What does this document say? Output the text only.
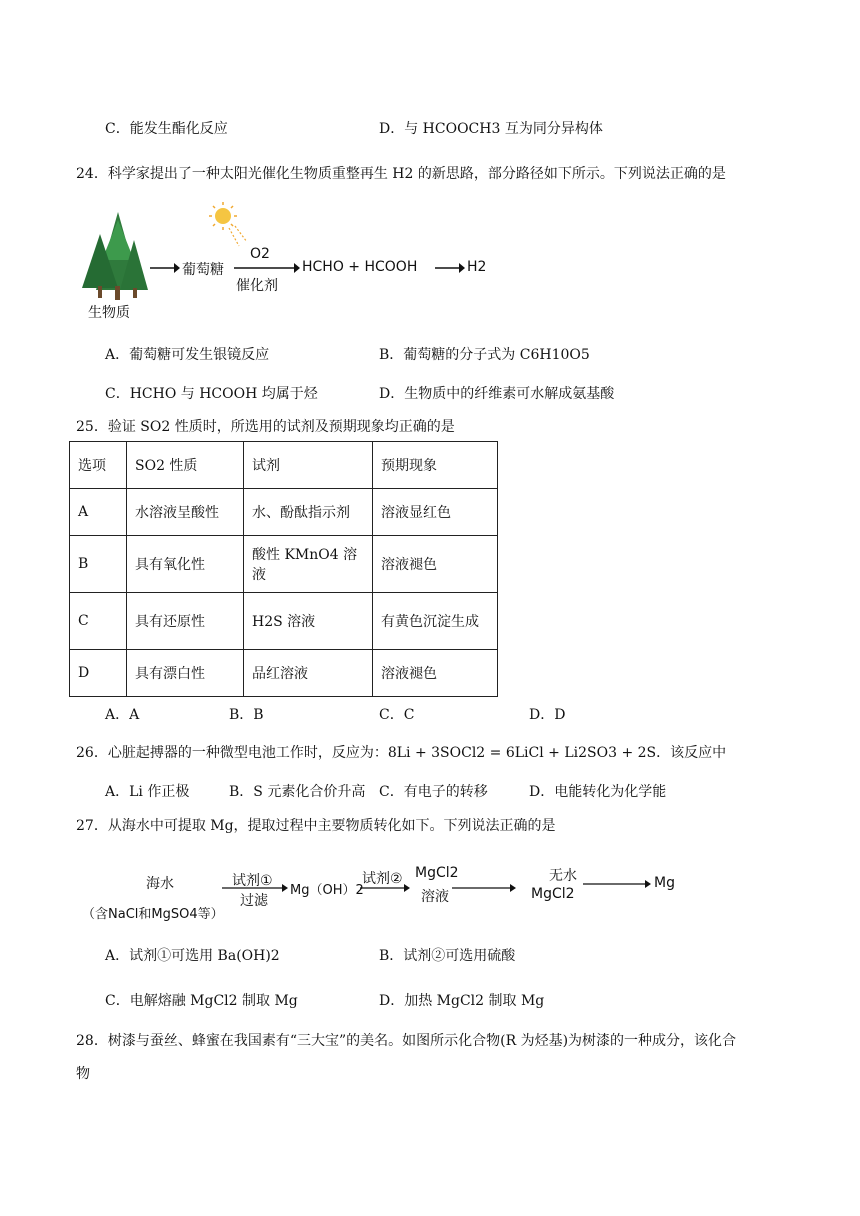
C．能发生酯化反应	D．与 HCOOCH3 互为同分异构体
24．科学家提出了一种太阳光催化生物质重整再生 H2 的新思路，部分路径如下所示。下列说法正确的是
生物质
葡萄糖
O2
催化剂
HCHO + HCOOH	H2
A．葡萄糖可发生银镜反应	B．葡萄糖的分子式为 C6H10O5
C．HCHO 与 HCOOH 均属于烃	D．生物质中的纤维素可水解成氨基酸
25．验证 SO2 性质时，所选用的试剂及预期现象均正确的是
选项	SO2 性质	试剂	预期现象
A	水溶液呈酸性	水、酚酞指示剂	溶液显红色
B	具有氧化性	酸性 KMnO4 溶液	溶液褪色
C	具有还原性	H2S 溶液	有黄色沉淀生成
D	具有漂白性	品红溶液	溶液褪色
A．A	B．B	C．C	D．D
26．心脏起搏器的一种微型电池工作时，反应为：8Li + 3SOCl2 = 6LiCl + Li2SO3 + 2S．该反应中
A．Li 作正极	B．S 元素化合价升高 C．有电子的转移	D．电能转化为化学能
27．从海水中可提取 Mg，提取过程中主要物质转化如下。下列说法正确的是
海水
（含NaCl和MgSO4等）
试剂①
过滤
Mg（OH）2
试剂② MgCl2
溶液
无水
MgCl2
Mg
A．试剂①可选用 Ba(OH)2	B．试剂②可选用硫酸
C．电解熔融 MgCl2 制取 Mg	D．加热 MgCl2 制取 Mg
28．树漆与蚕丝、蜂蜜在我国素有“三大宝”的美名。如图所示化合物(R 为烃基)为树漆的一种成分，该化合
物
